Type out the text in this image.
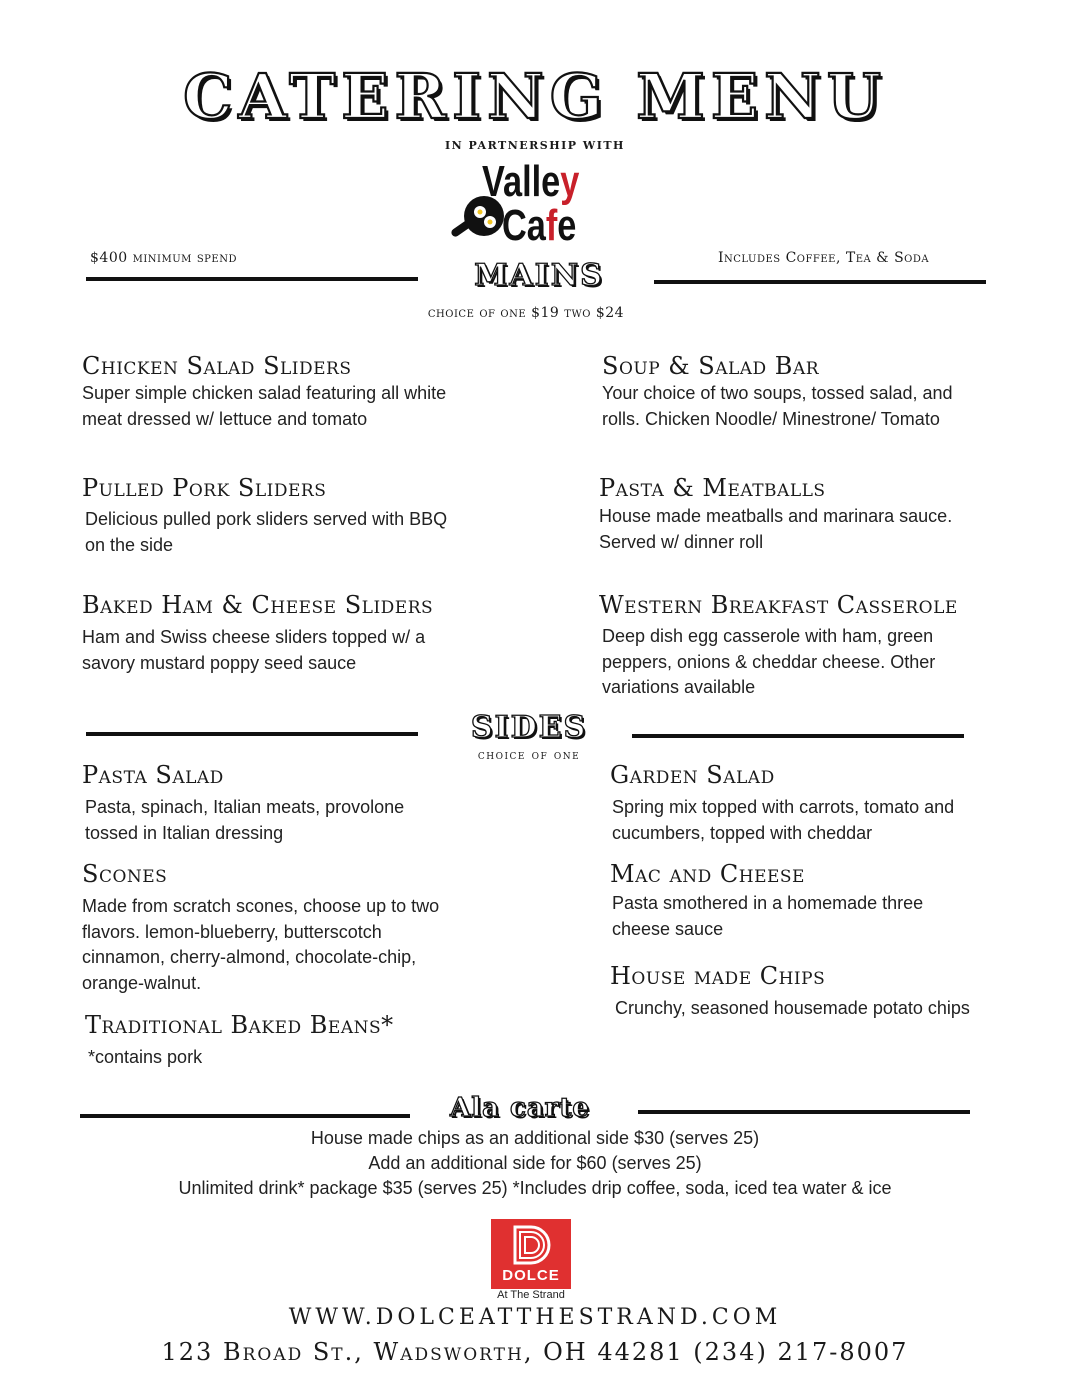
CATERING MENU
IN PARTNERSHIP WITH
Valley
Cafe
$400 minimum spend	Includes Coffee, Tea & Soda
MAINS
choice of one $19 two $24
Chicken Salad Sliders
Super simple chicken salad featuring all white meat dressed w/ lettuce and tomato
Pulled Pork Sliders
Delicious pulled pork sliders served with BBQ on the side
Baked Ham & Cheese Sliders
Ham and Swiss cheese sliders topped w/ a savory mustard poppy seed sauce
Soup & Salad Bar
Your choice of two soups, tossed salad, and rolls. Chicken Noodle/ Minestrone/ Tomato
Pasta & Meatballs
House made meatballs and marinara sauce. Served w/ dinner roll
Western Breakfast Casserole
Deep dish egg casserole with ham, green peppers, onions & cheddar cheese. Other variations available
SIDES
choice of one
Pasta Salad
Pasta, spinach, Italian meats, provolone tossed in Italian dressing
Scones
Made from scratch scones, choose up to two flavors. lemon-blueberry, butterscotch cinnamon, cherry-almond, chocolate-chip, orange-walnut.
Traditional Baked Beans*
*contains pork
Garden Salad
Spring mix topped with carrots, tomato and cucumbers, topped with cheddar
Mac and Cheese
Pasta smothered in a homemade three cheese sauce
House made Chips
Crunchy, seasoned housemade potato chips
Ala carte
House made chips as an additional side $30 (serves 25)
Add an additional side for $60 (serves 25)
Unlimited drink* package $35 (serves 25) *Includes drip coffee, soda, iced tea water & ice
DOLCE
At The Strand
WWW.DOLCEATTHESTRAND.COM
123 Broad St., Wadsworth, OH 44281 (234) 217-8007
